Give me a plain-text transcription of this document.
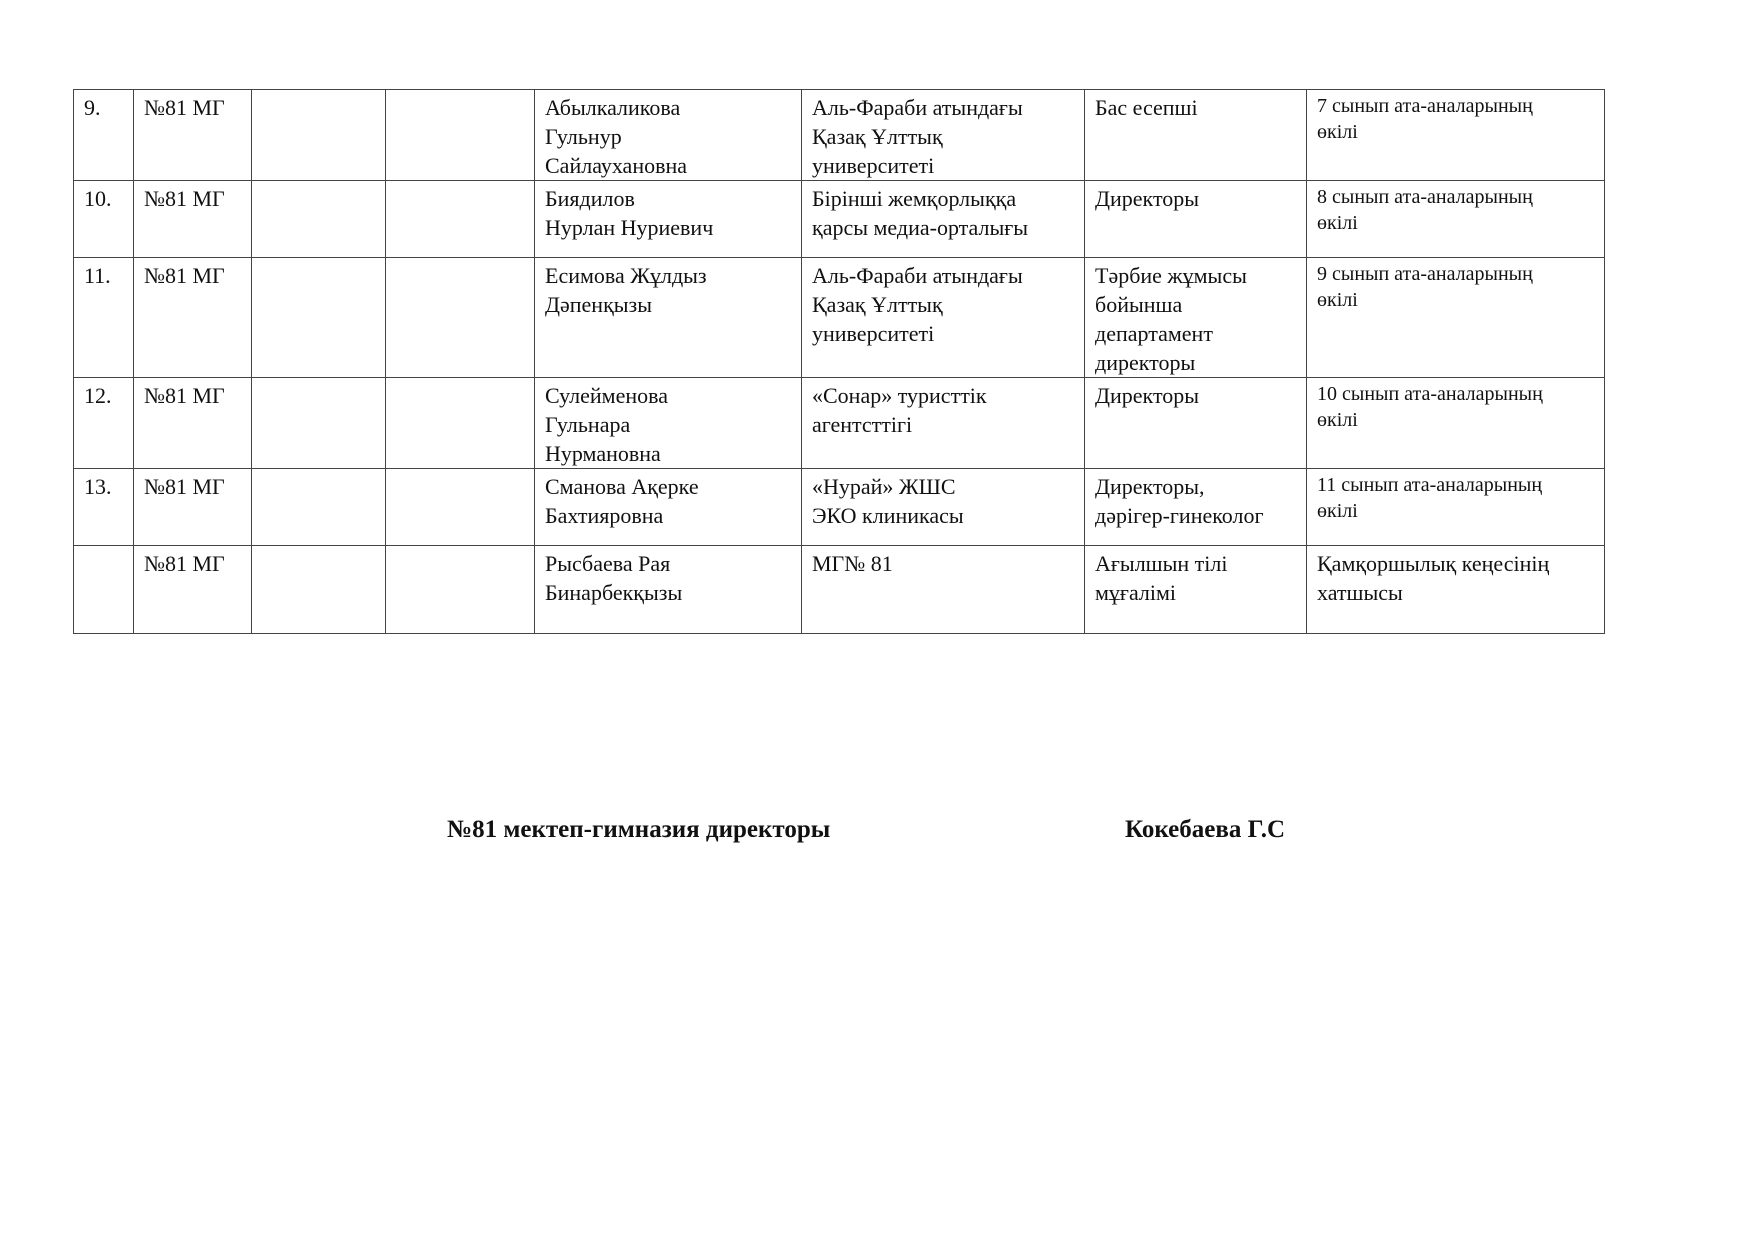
9.	№81 МГ			Абылкаликова
Гульнур
Сайлаухановна	Аль-Фараби атындағы
Қазақ Ұлттық
университеті	Бас есепші	7 сынып ата-аналарының
өкілі
10.	№81 МГ			Биядилов
Нурлан Нуриевич	Бірінші жемқорлыққа
қарсы медиа-орталығы	Директоры	8 сынып ата-аналарының
өкілі
11.	№81 МГ			Есимова Жұлдыз
Дәпенқызы	Аль-Фараби атындағы
Қазақ Ұлттық
университеті	Тәрбие жұмысы
бойынша
департамент
директоры	9 сынып ата-аналарының
өкілі
12.	№81 МГ			Сулейменова
Гульнара
Нурмановна	«Сонар» туристтік
агентсттігі	Директоры	10 сынып ата-аналарының
өкілі
13.	№81 МГ			Сманова Ақерке
Бахтияровна	«Нурай» ЖШС
ЭКО клиникасы	Директоры,
дәрігер-гинеколог	11 сынып ата-аналарының
өкілі
	№81 МГ			Рысбаева Рая
Бинарбекқызы	МГ№ 81	Ағылшын тілі
мұғалімі	Қамқоршылық кеңесінің
хатшысы
№81 мектеп-гимназия директоры	Кокебаева Г.С
